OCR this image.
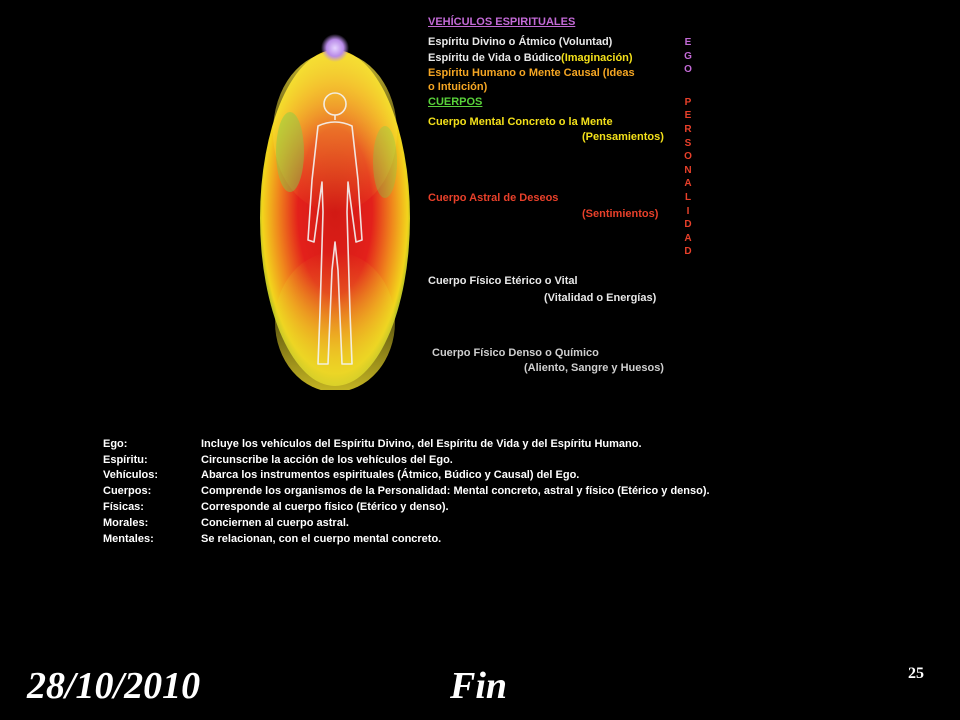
VEHÍCULOS ESPIRITUALES
Espíritu Divino o Átmico (Voluntad)
Espíritu de Vida o Búdico(Imaginación)
Espíritu Humano o Mente Causal (Ideas
o Intuición)
CUERPOS
Cuerpo Mental Concreto o la Mente
(Pensamientos)
Cuerpo Astral de Deseos
(Sentimientos)
Cuerpo Físico Etérico o Vital
(Vitalidad o Energías)
Cuerpo Físico Denso o Químico
(Aliento, Sangre y Huesos)
E
G
O
P
E
R
S
O
N
A
L
I
D
A
D
Ego:	Incluye los vehículos del Espíritu Divino, del Espíritu de Vida y del Espíritu Humano.
Espíritu:	Circunscribe la acción de los vehículos del Ego.
Vehículos:	Abarca los instrumentos espirituales (Átmico, Búdico y Causal) del Ego.
Cuerpos:	Comprende los organismos de la Personalidad: Mental concreto, astral y físico (Etérico y denso).
Físicas:	Corresponde al cuerpo físico (Etérico y denso).
Morales:	Conciernen al cuerpo astral.
Mentales:	Se relacionan, con el cuerpo mental concreto.
28/10/2010	Fin	25
